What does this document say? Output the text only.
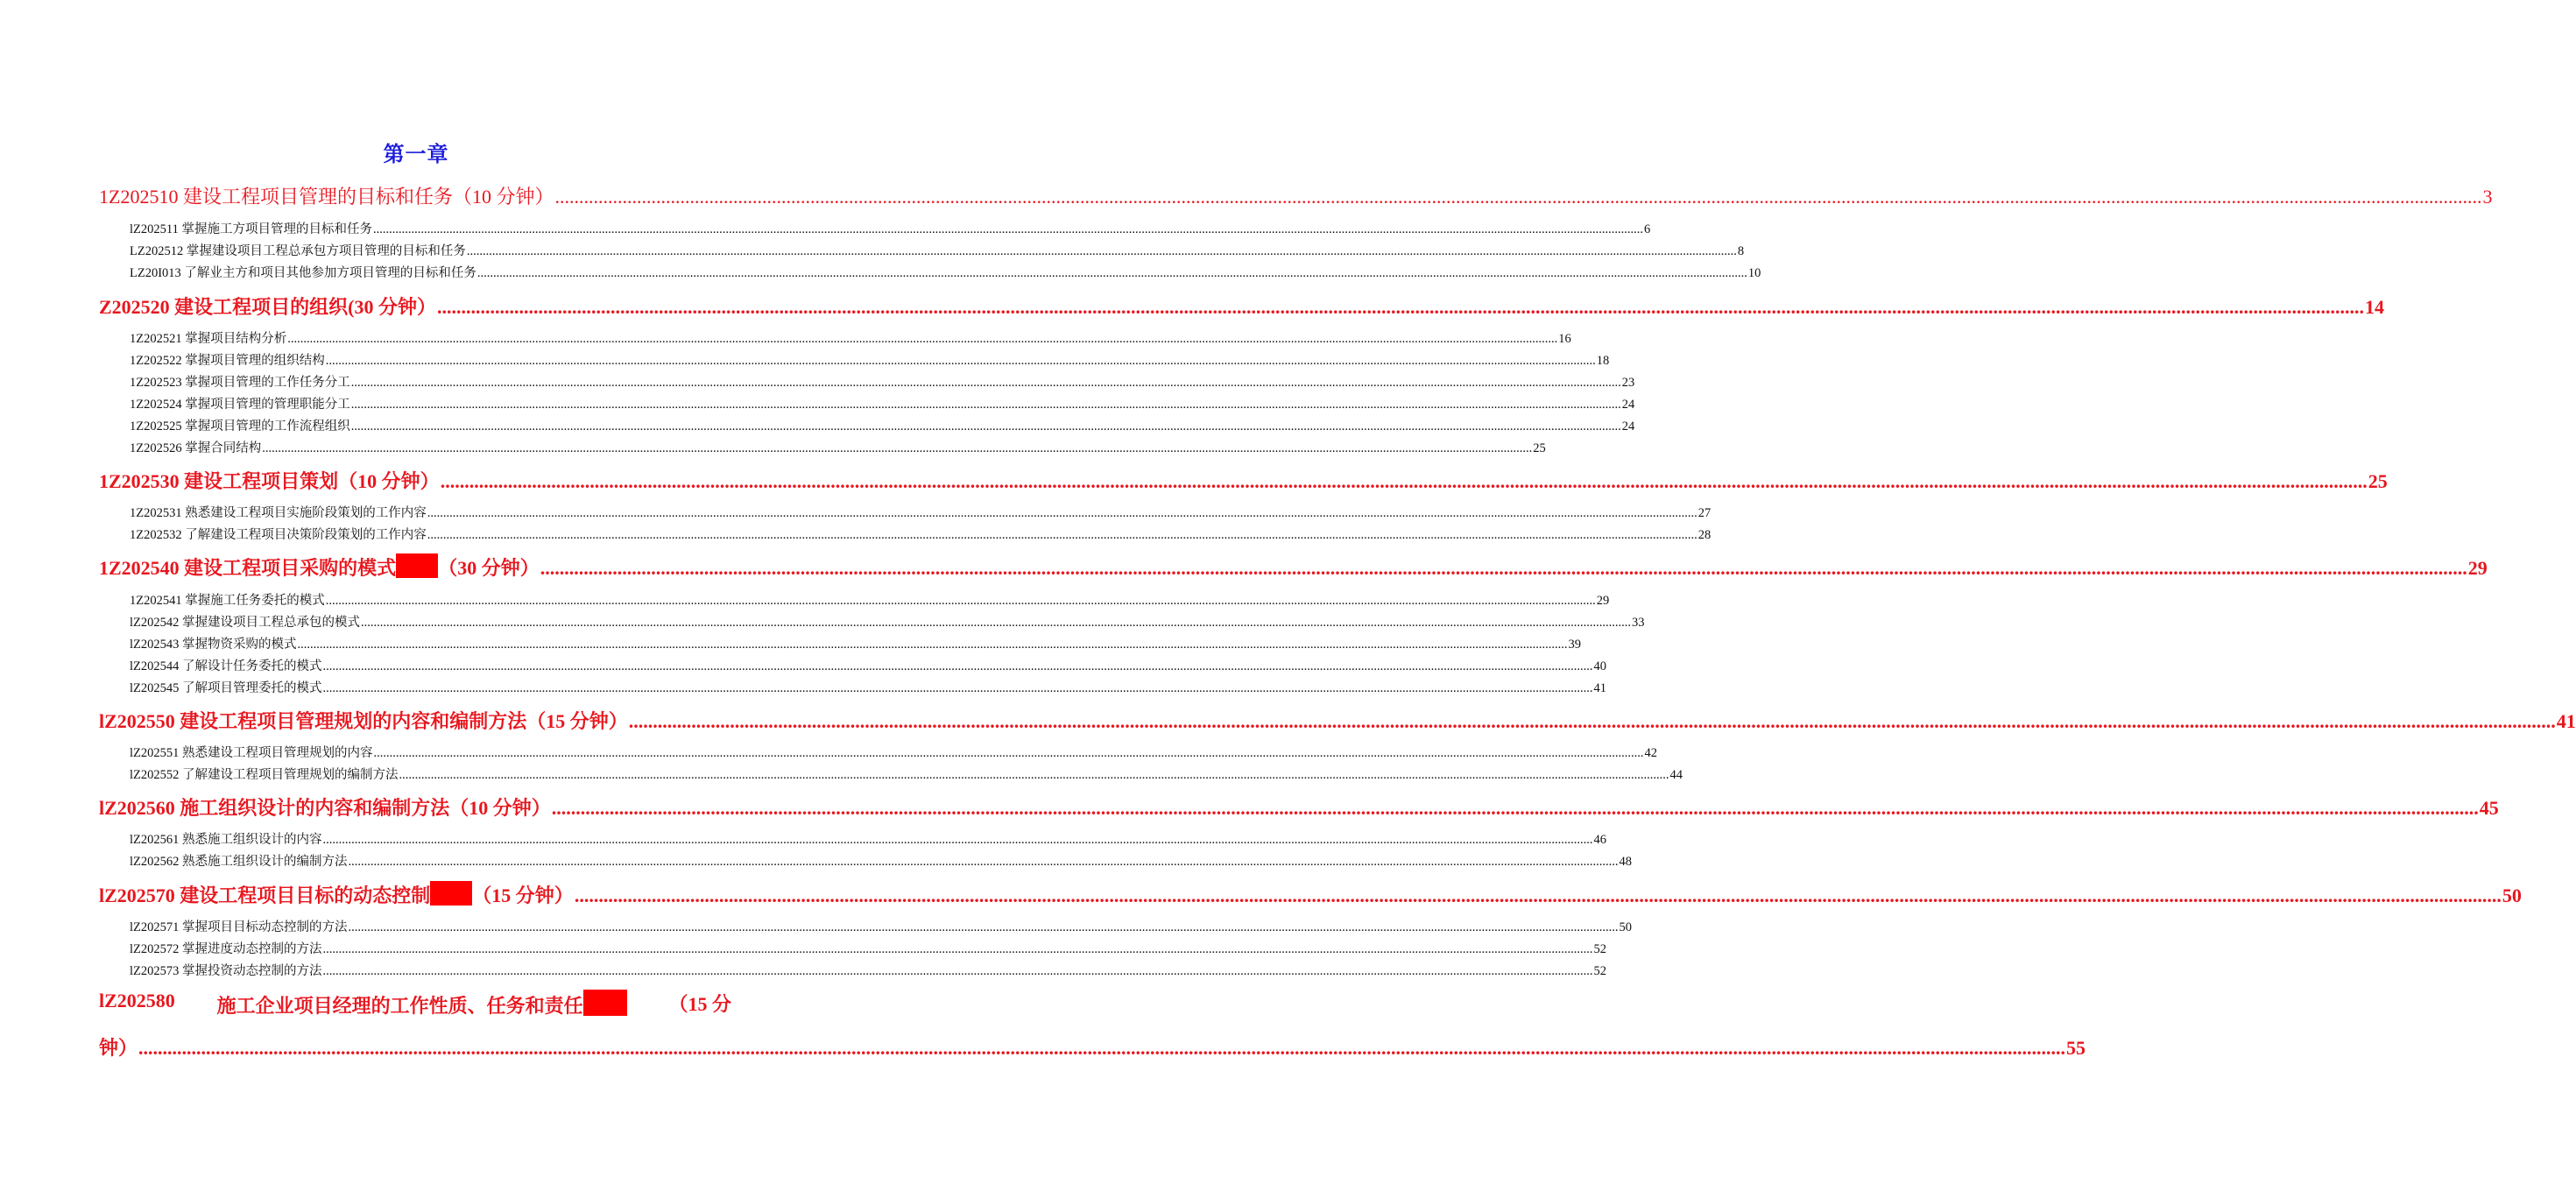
第一章
1Z202510 建设工程项目管理的目标和任务（10 分钟） ................................................................................................................................................................................................................................................................................................................................................................................................................ 3
lZ202511 掌握施工方项目管理的目标和任务 ................................................................................................................................................................................................................................................................................................................................................................................................................ 6
LZ202512 掌握建设项目工程总承包方项目管理的目标和任务 ................................................................................................................................................................................................................................................................................................................................................................................................................ 8
LZ20I013 了解业主方和项目其他参加方项目管理的目标和任务 ................................................................................................................................................................................................................................................................................................................................................................................................................ 10
Z202520 建设工程项目的组织(30 分钟） ................................................................................................................................................................................................................................................................................................................................................................................................................ 14
1Z202521 掌握项目结构分析 ................................................................................................................................................................................................................................................................................................................................................................................................................ 16
1Z202522 掌握项目管理的组织结构 ................................................................................................................................................................................................................................................................................................................................................................................................................ 18
1Z202523 掌握项目管理的工作任务分工 ................................................................................................................................................................................................................................................................................................................................................................................................................ 23
1Z202524 掌握项目管理的管理职能分工 ................................................................................................................................................................................................................................................................................................................................................................................................................ 24
1Z202525 掌握项目管理的工作流程组织 ................................................................................................................................................................................................................................................................................................................................................................................................................ 24
1Z202526 掌握合同结构 ................................................................................................................................................................................................................................................................................................................................................................................................................ 25
1Z202530 建设工程项目策划（10 分钟） ................................................................................................................................................................................................................................................................................................................................................................................................................ 25
1Z202531 熟悉建设工程项目实施阶段策划的工作内容 ................................................................................................................................................................................................................................................................................................................................................................................................................ 27
1Z202532 了解建设工程项目决策阶段策划的工作内容 ................................................................................................................................................................................................................................................................................................................................................................................................................ 28
1Z202540 建设工程项目采购的模式 （30 分钟） ................................................................................................................................................................................................................................................................................................................................................................................................................ 29
1Z202541 掌握施工任务委托的模式 ................................................................................................................................................................................................................................................................................................................................................................................................................ 29
lZ202542 掌握建设项目工程总承包的模式 ................................................................................................................................................................................................................................................................................................................................................................................................................ 33
lZ202543 掌握物资采购的模式 ................................................................................................................................................................................................................................................................................................................................................................................................................ 39
lZ202544 了解设计任务委托的模式 ................................................................................................................................................................................................................................................................................................................................................................................................................ 40
lZ202545 了解项目管理委托的模式 ................................................................................................................................................................................................................................................................................................................................................................................................................ 41
lZ202550 建设工程项目管理规划的内容和编制方法（15 分钟） ................................................................................................................................................................................................................................................................................................................................................................................................................ 41
lZ202551 熟悉建设工程项目管理规划的内容 ................................................................................................................................................................................................................................................................................................................................................................................................................ 42
lZ202552 了解建设工程项目管理规划的编制方法 ................................................................................................................................................................................................................................................................................................................................................................................................................ 44
lZ202560 施工组织设计的内容和编制方法（10 分钟） ................................................................................................................................................................................................................................................................................................................................................................................................................ 45
lZ202561 熟悉施工组织设计的内容 ................................................................................................................................................................................................................................................................................................................................................................................................................ 46
lZ202562 熟悉施工组织设计的编制方法 ................................................................................................................................................................................................................................................................................................................................................................................................................ 48
lZ202570 建设工程项目目标的动态控制 （15 分钟） ................................................................................................................................................................................................................................................................................................................................................................................................................ 50
lZ202571 掌握项目目标动态控制的方法 ................................................................................................................................................................................................................................................................................................................................................................................................................ 50
lZ202572 掌握进度动态控制的方法 ................................................................................................................................................................................................................................................................................................................................................................................................................ 52
lZ202573 掌握投资动态控制的方法 ................................................................................................................................................................................................................................................................................................................................................................................................................ 52
lZ202580 施工企业项目经理的工作性质、任务和责任	（15 分
钟） ................................................................................................................................................................................................................................................................................................................................................................................................................ 55
